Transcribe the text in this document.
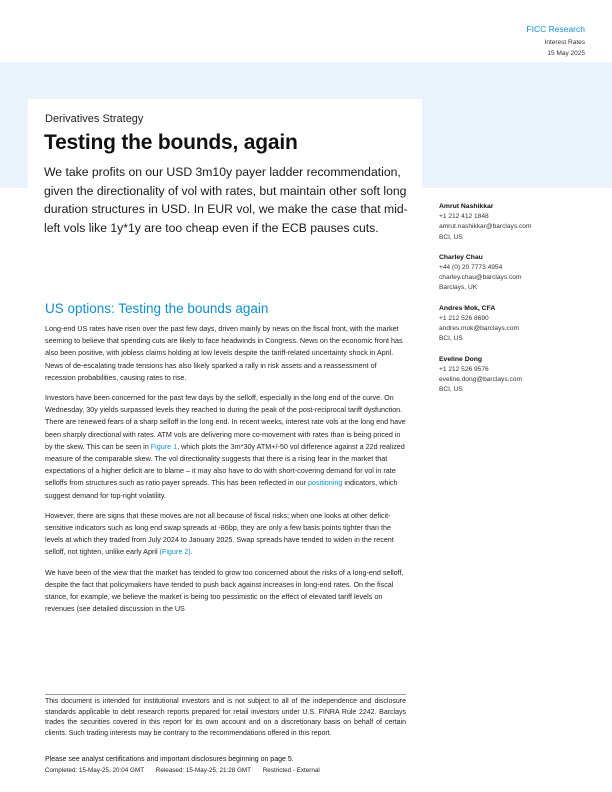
FICC Research
Interest Rates
15 May 2025
Derivatives Strategy
Testing the bounds, again
We take profits on our USD 3m10y payer ladder recommendation, given the directionality of vol with rates, but maintain other soft long duration structures in USD. In EUR vol, we make the case that mid-left vols like 1y*1y are too cheap even if the ECB pauses cuts.
Amrut Nashikkar
+1 212 412 1848
amrut.nashikkar@barclays.com
BCI, US
Charley Chau
+44 (0) 20 7773 4954
charley.chau@barclays.com
Barclays, UK
Andres Mok, CFA
+1 212 526 8690
andres.mok@barclays.com
BCI, US
Eveline Dong
+1 212 526 9576
eveline.dong@barclays.com
BCI, US
US options: Testing the bounds again

Long-end US rates have risen over the past few days, driven mainly by news on the fiscal front, with the market seeming to believe that spending cuts are likely to face headwinds in Congress. News on the economic front has also been positive, with jobless claims holding at low levels despite the tariff-related uncertainty shock in April. News of de-escalating trade tensions has also likely sparked a rally in risk assets and a reassessment of recession probabilities, causing rates to rise.

Investors have been concerned for the past few days by the selloff, especially in the long end of the curve. On Wednesday, 30y yields surpassed levels they reached to during the peak of the post-reciprocal tariff dysfunction. There are renewed fears of a sharp selloff in the long end. In recent weeks, interest rate vols at the long end have been sharply directional with rates. ATM vols are delivering more co-movement with rates than is being priced in by the skew. This can be seen in Figure 1, which plots the 3m*30y ATM+/-50 vol difference against a 22d realized measure of the comparable skew. The vol directionality suggests that there is a rising fear in the market that expectations of a higher deficit are to blame – it may also have to do with short-covering demand for vol in rate selloffs from structures such as ratio payer spreads. This has been reflected in our positioning indicators, which suggest demand for top-right volatility.

However, there are signs that these moves are not all because of fiscal risks; when one looks at other deficit-sensitive indicators such as long end swap spreads at -86bp, they are only a few basis points tighter than the levels at which they traded from July 2024 to January 2025. Swap spreads have tended to widen in the recent selloff, not tighten, unlike early April (Figure 2).

We have been of the view that the market has tended to grow too concerned about the risks of a long-end selloff, despite the fact that policymakers have tended to push back against increases in long-end rates. On the fiscal stance, for example, we believe the market is being too pessimistic on the effect of elevated tariff levels on revenues (see detailed discussion in the US

This document is intended for institutional investors and is not subject to all of the independence and disclosure standards applicable to debt research reports prepared for retail investors under U.S. FINRA Rule 2242. Barclays trades the securities covered in this report for its own account and on a discretionary basis on behalf of certain clients. Such trading interests may be contrary to the recommendations offered in this report.
Please see analyst certifications and important disclosures beginning on page 5.
Completed: 15-May-25, 20:04 GMT Released: 15-May-25, 21:28 GMT Restricted - External
